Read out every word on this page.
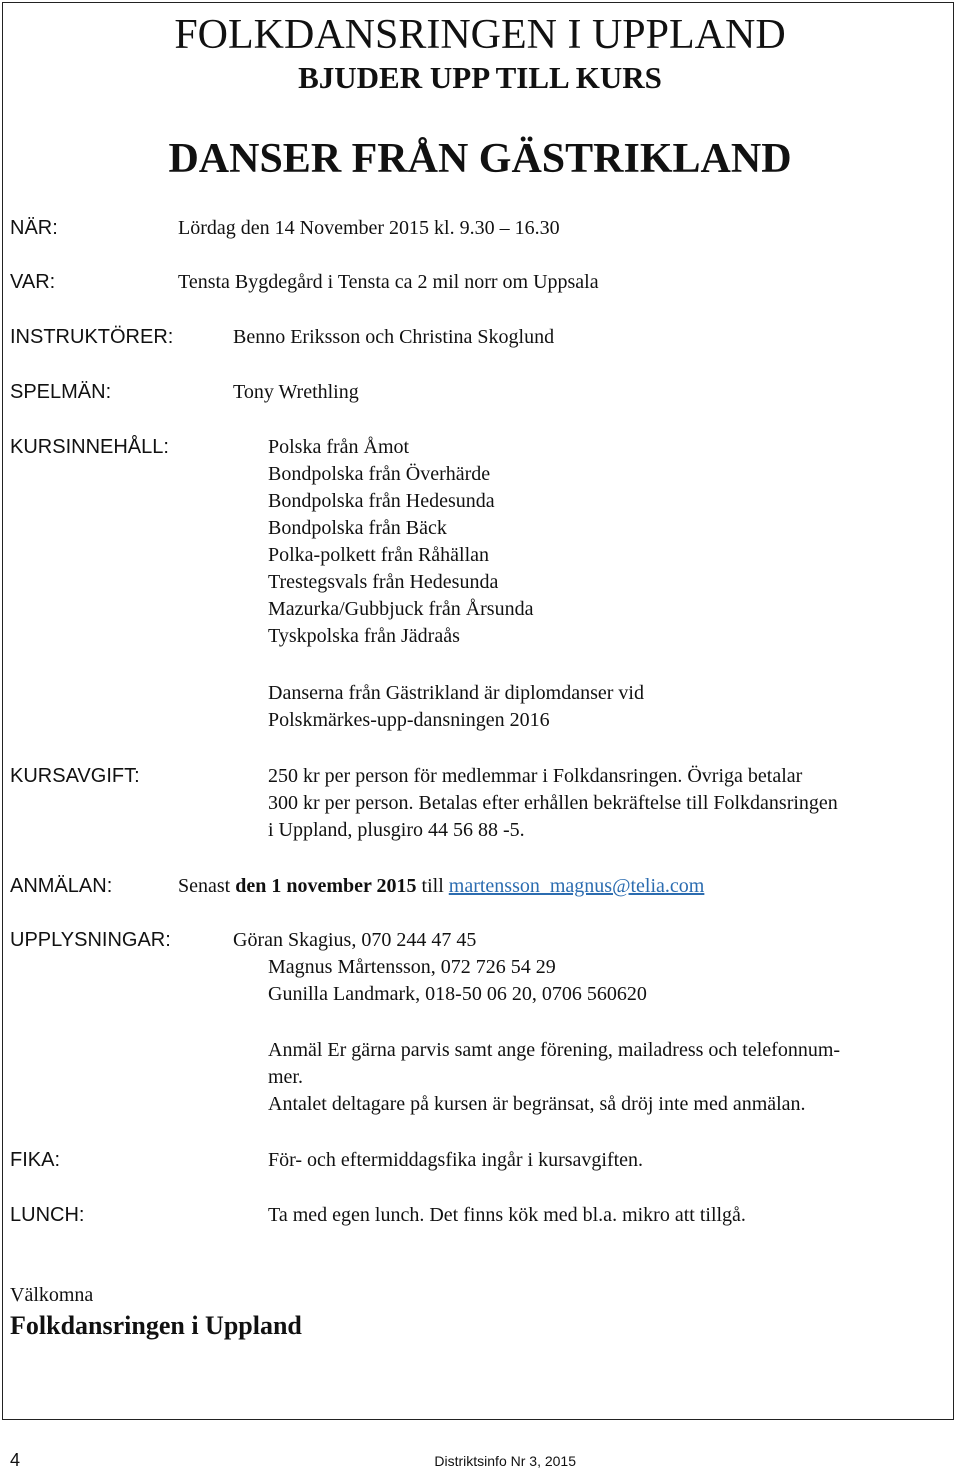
FOLKDANSRINGEN I UPPLAND
BJUDER UPP TILL KURS
DANSER FRÅN GÄSTRIKLAND
NÄR:	Lördag den 14 November 2015 kl. 9.30 – 16.30
VAR:	Tensta Bygdegård i Tensta ca 2 mil norr om Uppsala
INSTRUKTÖRER:	Benno Eriksson och Christina Skoglund
SPELMÄN:	Tony Wrethling
KURSINNEHÅLL:	Polska från Åmot
Bondpolska från Överhärde
Bondpolska från Hedesunda
Bondpolska från Bäck
Polka-polkett från Råhällan
Trestegsvals från Hedesunda
Mazurka/Gubbjuck från Årsunda
Tyskpolska från Jädraås
Danserna från Gästrikland är diplomdanser vid
Polskmärkes-upp-dansningen 2016
KURSAVGIFT:	250 kr per person för medlemmar i Folkdansringen. Övriga betalar
300 kr per person. Betalas efter erhållen bekräftelse till Folkdansringen
i Uppland, plusgiro 44 56 88 -5.
ANMÄLAN:	Senast den 1 november 2015 till martensson_magnus@telia.com
UPPLYSNINGAR:	Göran Skagius, 070 244 47 45
Magnus Mårtensson, 072 726 54 29
Gunilla Landmark, 018-50 06 20, 0706 560620
Anmäl Er gärna parvis samt ange förening, mailadress och telefonnum-
mer.
Antalet deltagare på kursen är begränsat, så dröj inte med anmälan.
FIKA:	För- och eftermiddagsfika ingår i kursavgiften.
LUNCH:	Ta med egen lunch. Det finns kök med bl.a. mikro att tillgå.
Välkomna
Folkdansringen i Uppland
4	Distriktsinfo Nr 3, 2015
